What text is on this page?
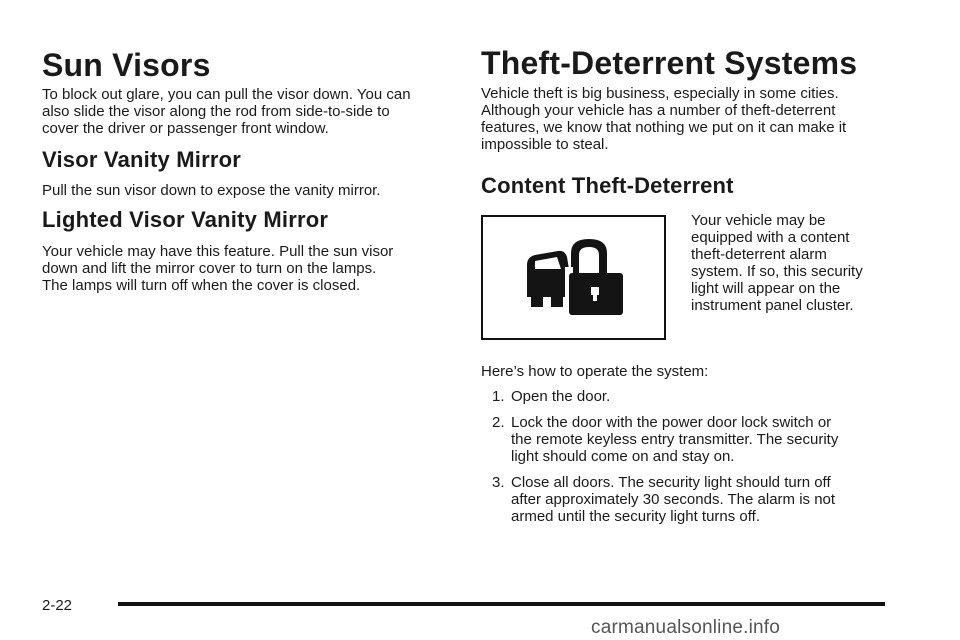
Sun Visors
To block out glare, you can pull the visor down. You can
also slide the visor along the rod from side-to-side to
cover the driver or passenger front window.
Visor Vanity Mirror
Pull the sun visor down to expose the vanity mirror.
Lighted Visor Vanity Mirror
Your vehicle may have this feature. Pull the sun visor
down and lift the mirror cover to turn on the lamps.
The lamps will turn off when the cover is closed.
Theft-Deterrent Systems
Vehicle theft is big business, especially in some cities.
Although your vehicle has a number of theft-deterrent
features, we know that nothing we put on it can make it
impossible to steal.
Content Theft-Deterrent
Your vehicle may be
equipped with a content
theft-deterrent alarm
system. If so, this security
light will appear on the
instrument panel cluster.
Here’s how to operate the system:
1. Open the door.
2. Lock the door with the power door lock switch or
the remote keyless entry transmitter. The security
light should come on and stay on.
3. Close all doors. The security light should turn off
after approximately 30 seconds. The alarm is not
armed until the security light turns off.
2-22
carmanualsonline.info
